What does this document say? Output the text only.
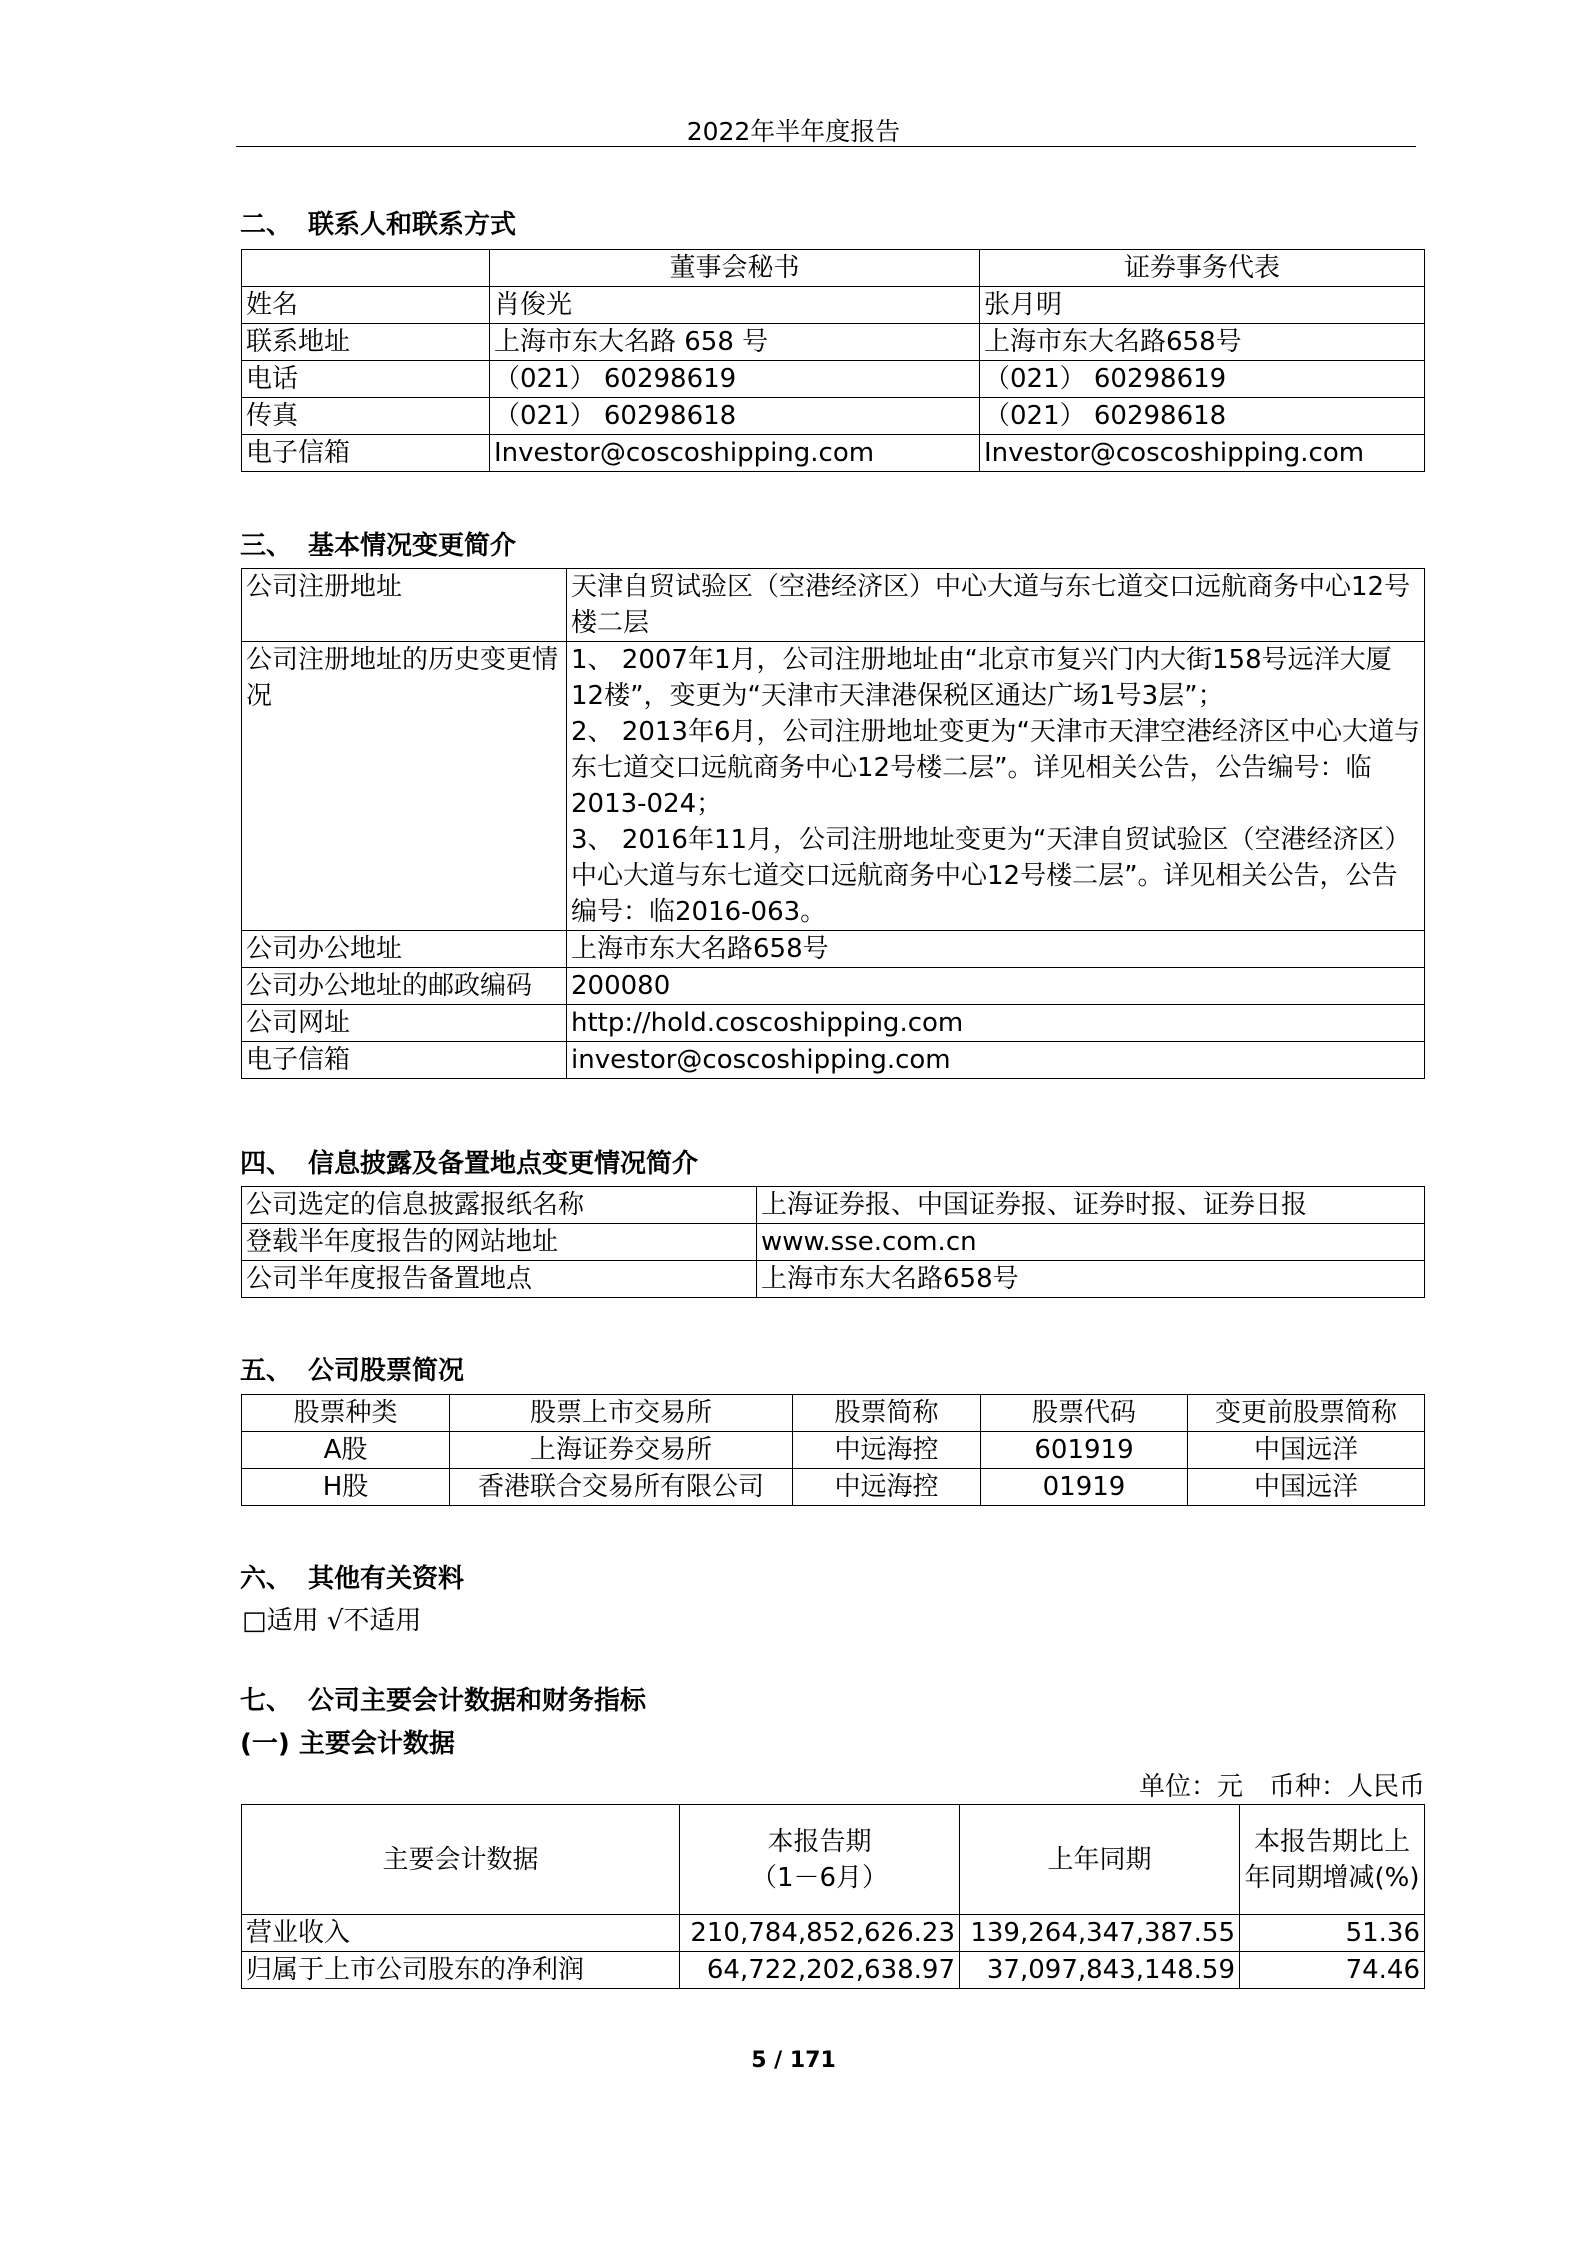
2022年半年度报告
二、 联系人和联系方式
	董事会秘书	证券事务代表
姓名	肖俊光	张月明
联系地址	上海市东大名路 658 号	上海市东大名路658号
电话	（021） 60298619	（021） 60298619
传真	（021） 60298618	（021） 60298618
电子信箱	Investor@coscoshipping.com	Investor@coscoshipping.com
三、 基本情况变更简介
公司注册地址	天津自贸试验区（空港经济区）中心大道与东七道交口远航商务中心12号楼二层
公司注册地址的历史变更情况	1、 2007年1月，公司注册地址由“北京市复兴门内大街158号远洋大厦12楼”，变更为“天津市天津港保税区通达广场1号3层”；
2、 2013年6月，公司注册地址变更为“天津市天津空港经济区中心大道与东七道交口远航商务中心12号楼二层”。详见相关公告，公告编号：临2013-024；
3、 2016年11月，公司注册地址变更为“天津自贸试验区（空港经济区）中心大道与东七道交口远航商务中心12号楼二层”。详见相关公告，公告编号：临2016-063。
公司办公地址	上海市东大名路658号
公司办公地址的邮政编码	200080
公司网址	http://hold.coscoshipping.com
电子信箱	investor@coscoshipping.com
四、 信息披露及备置地点变更情况简介
公司选定的信息披露报纸名称	上海证券报、中国证券报、证券时报、证券日报
登载半年度报告的网站地址	www.sse.com.cn
公司半年度报告备置地点	上海市东大名路658号
五、 公司股票简况
股票种类	股票上市交易所	股票简称	股票代码	变更前股票简称
A股	上海证券交易所	中远海控	601919	中国远洋
H股	香港联合交易所有限公司	中远海控	01919	中国远洋
六、 其他有关资料
□适用 √不适用
七、 公司主要会计数据和财务指标
(一) 主要会计数据
单位：元　币种：人民币
主要会计数据	本报告期
（1－6月）	上年同期	本报告期比上年同期增减(%)
营业收入	210,784,852,626.23	139,264,347,387.55	51.36
归属于上市公司股东的净利润	64,722,202,638.97	37,097,843,148.59	74.46
5 / 171
